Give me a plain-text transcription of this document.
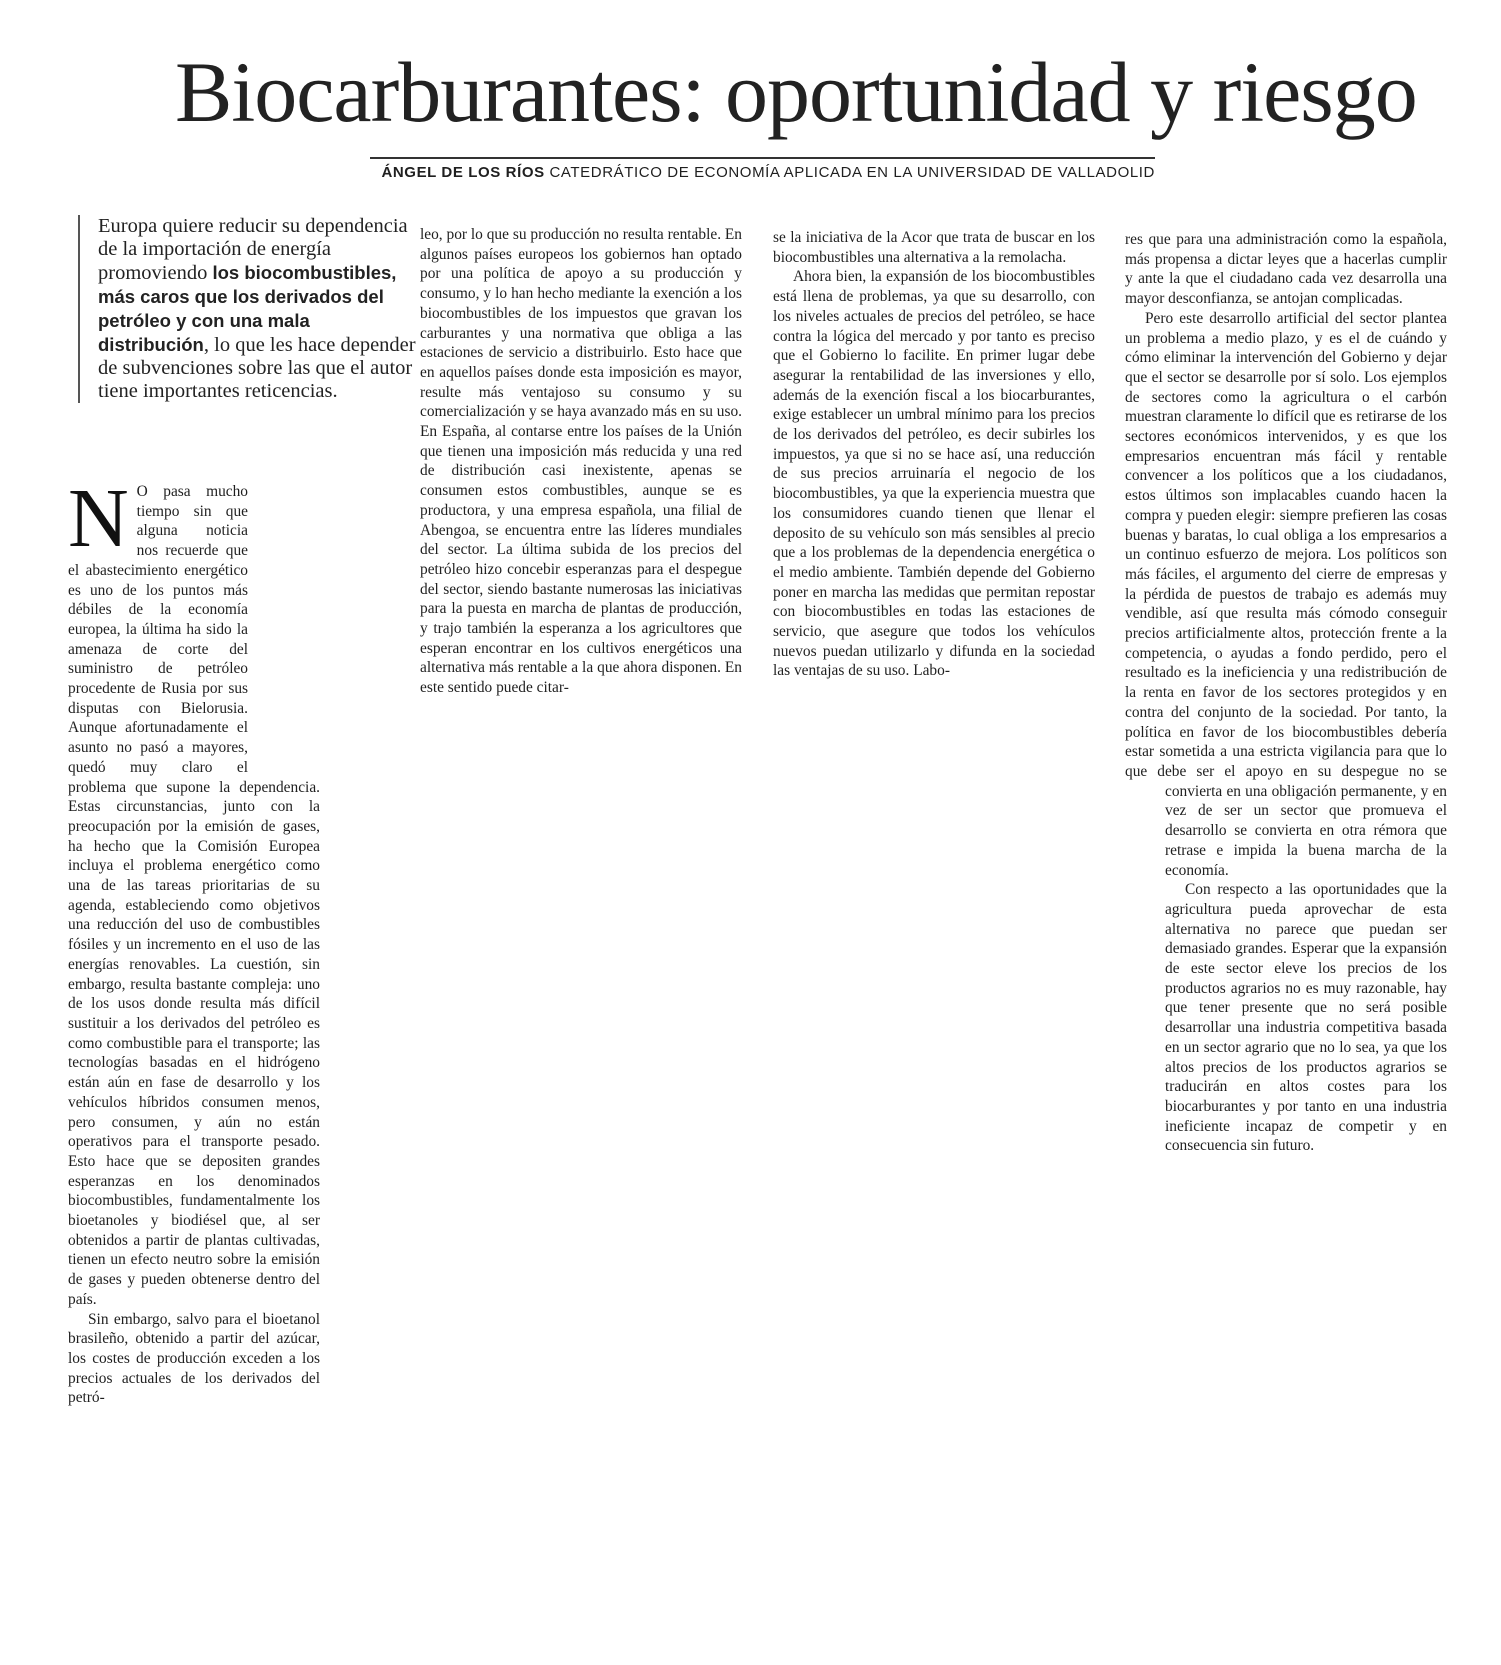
Biocarburantes: oportunidad y riesgo
ÁNGEL DE LOS RÍOS CATEDRÁTICO DE ECONOMÍA APLICADA EN LA UNIVERSIDAD DE VALLADOLID
Europa quiere reducir su dependencia de la importación de energía promoviendo los biocombustibles, más caros que los derivados del petróleo y con una mala distribución, lo que les hace depender de subvenciones sobre las que el autor tiene importantes reticencias.

N O pasa mucho tiempo sin que alguna noticia nos recuerde que el abastecimiento energético es uno de los puntos más débiles de la economía europea, la última ha sido la amenaza de corte del suministro de petróleo procedente de Rusia por sus disputas con Bielorusia. Aunque afortunadamente el asunto no pasó a mayores, quedó muy claro el problema que supone la dependencia. Estas circunstancias, junto con la preocupación por la emisión de gases, ha hecho que la Comisión Europea incluya el problema energético como una de las tareas prioritarias de su agenda, estableciendo como objetivos una reducción del uso de combustibles fósiles y un incremento en el uso de las energías renovables. La cuestión, sin embargo, resulta bastante compleja: uno de los usos donde resulta más difícil sustituir a los derivados del petróleo es como combustible para el transporte; las tecnologías basadas en el hidrógeno están aún en fase de desarrollo y los vehículos híbridos consumen menos, pero consumen, y aún no están operativos para el transporte pesado. Esto hace que se depositen grandes esperanzas en los denominados biocombustibles, fundamentalmente los bioetanoles y biodiésel que, al ser obtenidos a partir de plantas cultivadas, tienen un efecto neutro sobre la emisión de gases y pueden obtenerse dentro del país.

Sin embargo, salvo para el bioetanol brasileño, obtenido a partir del azúcar, los costes de producción exceden a los precios actuales de los derivados del petró-

leo, por lo que su producción no resulta rentable. En algunos países europeos los gobiernos han optado por una política de apoyo a su producción y consumo, y lo han hecho mediante la exención a los biocombustibles de los impuestos que gravan los carburantes y una normativa que obliga a las estaciones de servicio a distribuirlo. Esto hace que en aquellos países donde esta imposición es mayor, resulte más ventajoso su consumo y su comercialización y se haya avanzado más en su uso. En España, al contarse entre los países de la Unión que tienen una imposición más reducida y una red de distribución casi inexistente, apenas se consumen estos combustibles, aunque se es productora, y una empresa española, una filial de Abengoa, se encuentra entre las líderes mundiales del sector. La última subida de los precios del petróleo hizo concebir esperanzas para el despegue del sector, siendo bastante numerosas las iniciativas para la puesta en marcha de plantas de producción, y trajo también la esperanza a los agricultores que esperan encontrar en los cultivos energéticos una alternativa más rentable a la que ahora disponen. En este sentido puede citar-

se la iniciativa de la Acor que trata de buscar en los biocombustibles una alternativa a la remolacha.

Ahora bien, la expansión de los biocombustibles está llena de problemas, ya que su desarrollo, con los niveles actuales de precios del petróleo, se hace contra la lógica del mercado y por tanto es preciso que el Gobierno lo facilite. En primer lugar debe asegurar la rentabilidad de las inversiones y ello, además de la exención fiscal a los biocarburantes, exige establecer un umbral mínimo para los precios de los derivados del petróleo, es decir subirles los impuestos, ya que si no se hace así, una reducción de sus precios arruinaría el negocio de los biocombustibles, ya que la experiencia muestra que los consumidores cuando tienen que llenar el deposito de su vehículo son más sensibles al precio que a los problemas de la dependencia energética o el medio ambiente. También depende del Gobierno poner en marcha las medidas que permitan repostar con biocombustibles en todas las estaciones de servicio, que asegure que todos los vehículos nuevos puedan utilizarlo y difunda en la sociedad las ventajas de su uso. Labo-

res que para una administración como la española, más propensa a dictar leyes que a hacerlas cumplir y ante la que el ciudadano cada vez desarrolla una mayor desconfianza, se antojan complicadas.

Pero este desarrollo artificial del sector plantea un problema a medio plazo, y es el de cuándo y cómo eliminar la intervención del Gobierno y dejar que el sector se desarrolle por sí solo. Los ejemplos de sectores como la agricultura o el carbón muestran claramente lo difícil que es retirarse de los sectores económicos intervenidos, y es que los empresarios encuentran más fácil y rentable convencer a los políticos que a los ciudadanos, estos últimos son implacables cuando hacen la compra y pueden elegir: siempre prefieren las cosas buenas y baratas, lo cual obliga a los empresarios a un continuo esfuerzo de mejora. Los políticos son más fáciles, el argumento del cierre de empresas y la pérdida de puestos de trabajo es además muy vendible, así que resulta más cómodo conseguir precios artificialmente altos, protección frente a la competencia, o ayudas a fondo perdido, pero el resultado es la ineficiencia y una redistribución de la renta en favor de los sectores protegidos y en contra del conjunto de la sociedad. Por tanto, la política en favor de los biocombustibles debería estar sometida a una estricta vigilancia para que lo que debe ser el apoyo en su despegue no se convierta en una obligación permanente, y en vez de ser un sector que promueva el desarrollo se convierta en otra rémora que retrase e impida la buena marcha de la economía.

Con respecto a las oportunidades que la agricultura pueda aprovechar de esta alternativa no parece que puedan ser demasiado grandes. Esperar que la expansión de este sector eleve los precios de los productos agrarios no es muy razonable, hay que tener presente que no será posible desarrollar una industria competitiva basada en un sector agrario que no lo sea, ya que los altos precios de los productos agrarios se traducirán en altos costes para los biocarburantes y por tanto en una industria ineficiente incapaz de competir y en consecuencia sin futuro.
